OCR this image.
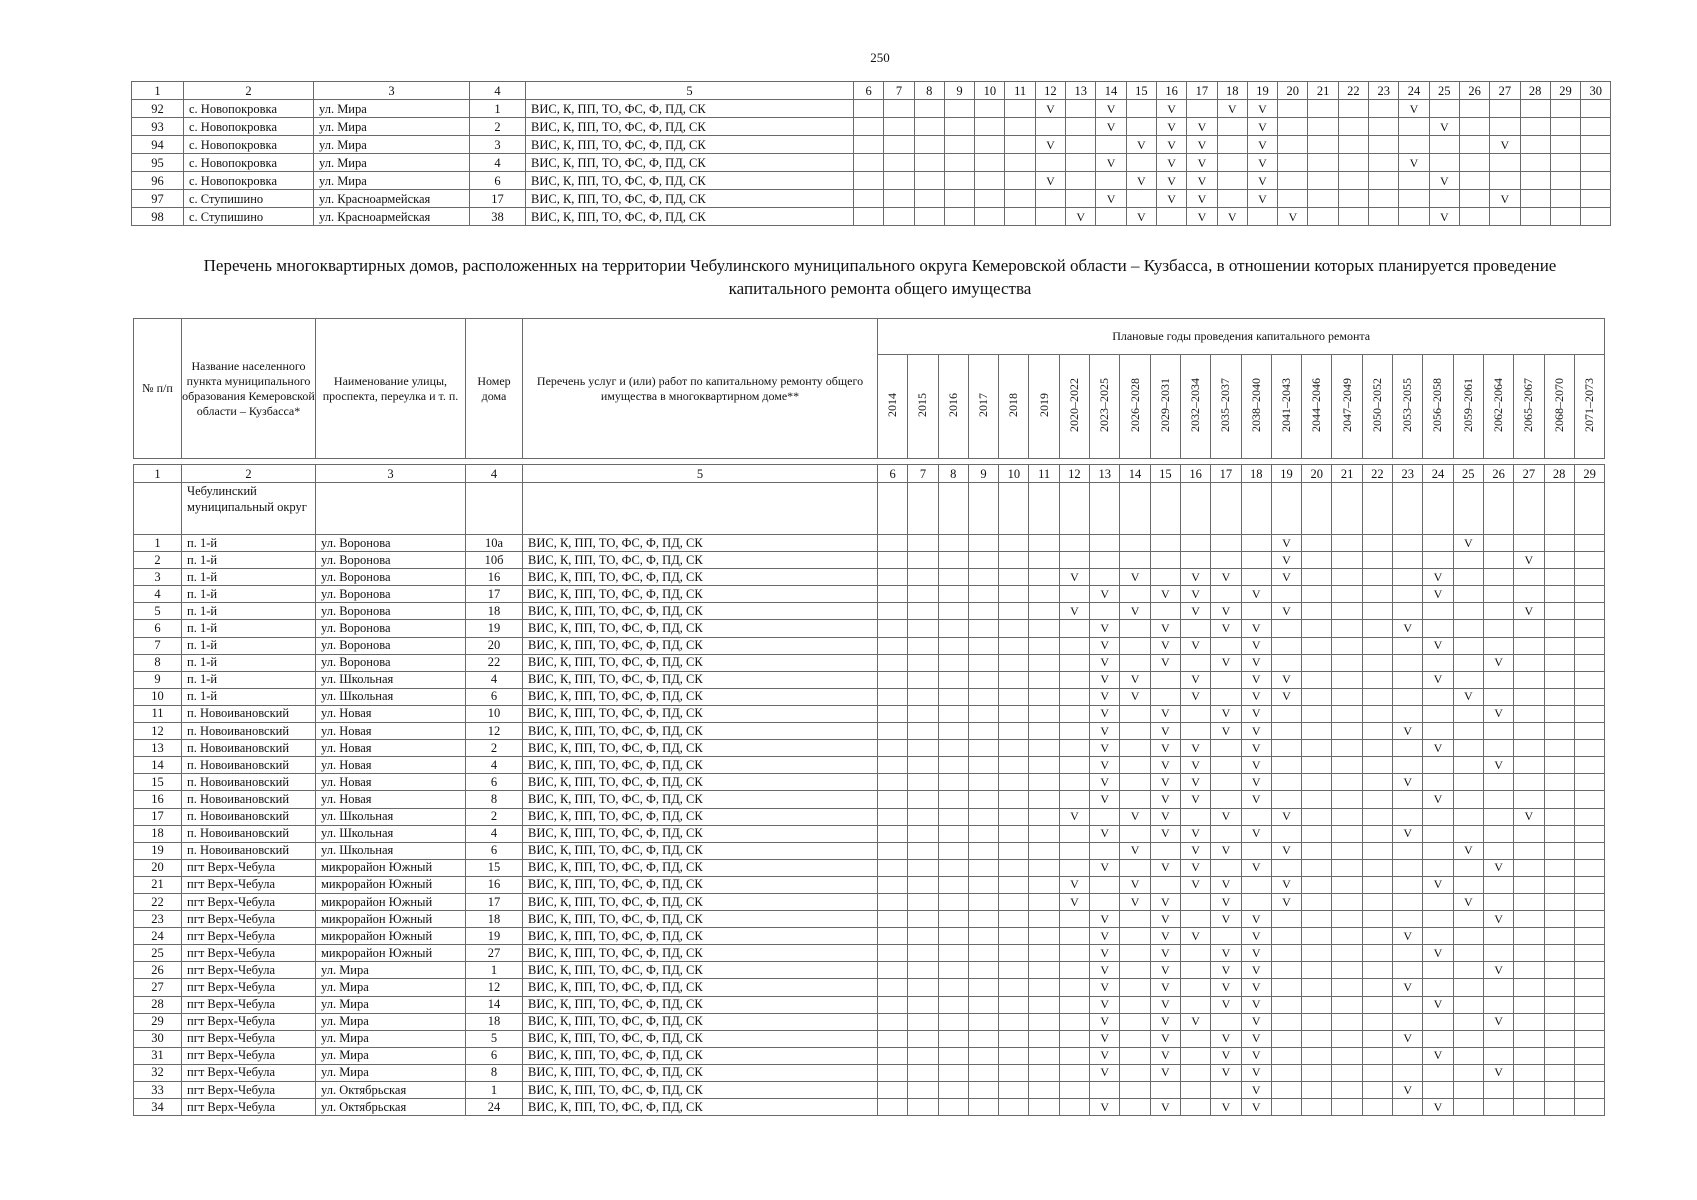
250
1	2	3	4	5	6	7	8	9	10	11	12	13	14	15	16	17	18	19	20	21	22	23	24	25	26	27	28	29	30
92	с. Новопокровка	ул. Мира	1	ВИС, К, ПП, ТО, ФС, Ф, ПД, СК							V		V		V		V	V					V						
93	с. Новопокровка	ул. Мира	2	ВИС, К, ПП, ТО, ФС, Ф, ПД, СК									V		V	V		V						V					
94	с. Новопокровка	ул. Мира	3	ВИС, К, ПП, ТО, ФС, Ф, ПД, СК							V			V	V	V		V								V			
95	с. Новопокровка	ул. Мира	4	ВИС, К, ПП, ТО, ФС, Ф, ПД, СК									V		V	V		V					V						
96	с. Новопокровка	ул. Мира	6	ВИС, К, ПП, ТО, ФС, Ф, ПД, СК							V			V	V	V		V						V					
97	с. Ступишино	ул. Красноармейская	17	ВИС, К, ПП, ТО, ФС, Ф, ПД, СК									V		V	V		V								V			
98	с. Ступишино	ул. Красноармейская	38	ВИС, К, ПП, ТО, ФС, Ф, ПД, СК								V		V		V	V		V					V					
Перечень многоквартирных домов, расположенных на территории Чебулинского муниципального округа Кемеровской области – Кузбасса, в отношении которых планируется проведение капитального ремонта общего имущества
№ п/п	Название населенного пункта муниципального образования Кемеровской области – Кузбасса*	Наименование улицы, проспекта, переулка и т. п.	Номер дома	Перечень услуг и (или) работ по капитальному ремонту общего имущества в многоквартирном доме**	Плановые годы проведения капитального ремонта																							
					2014	2015	2016	2017	2018	2019	2020–2022	2023–2025	2026–2028	2029–2031	2032–2034	2035–2037	2038–2040	2041–2043	2044–2046	2047–2049	2050–2052	2053–2055	2056–2058	2059–2061	2062–2064	2065–2067	2068–2070	2071–2073

1	2	3	4	5	6	7	8	9	10	11	12	13	14	15	16	17	18	19	20	21	22	23	24	25	26	27	28	29
	Чебулинский муниципальный округ																											
1	п. 1-й	ул. Воронова	10а	ВИС, К, ПП, ТО, ФС, Ф, ПД, СК														V						V				
2	п. 1-й	ул. Воронова	10б	ВИС, К, ПП, ТО, ФС, Ф, ПД, СК														V								V		
3	п. 1-й	ул. Воронова	16	ВИС, К, ПП, ТО, ФС, Ф, ПД, СК							V		V		V	V		V					V					
4	п. 1-й	ул. Воронова	17	ВИС, К, ПП, ТО, ФС, Ф, ПД, СК								V		V	V		V						V					
5	п. 1-й	ул. Воронова	18	ВИС, К, ПП, ТО, ФС, Ф, ПД, СК							V		V		V	V		V								V		
6	п. 1-й	ул. Воронова	19	ВИС, К, ПП, ТО, ФС, Ф, ПД, СК								V		V		V	V					V						
7	п. 1-й	ул. Воронова	20	ВИС, К, ПП, ТО, ФС, Ф, ПД, СК								V		V	V		V						V					
8	п. 1-й	ул. Воронова	22	ВИС, К, ПП, ТО, ФС, Ф, ПД, СК								V		V		V	V								V			
9	п. 1-й	ул. Школьная	4	ВИС, К, ПП, ТО, ФС, Ф, ПД, СК								V	V		V		V	V					V					
10	п. 1-й	ул. Школьная	6	ВИС, К, ПП, ТО, ФС, Ф, ПД, СК								V	V		V		V	V						V				
11	п. Новоивановский	ул. Новая	10	ВИС, К, ПП, ТО, ФС, Ф, ПД, СК								V		V		V	V								V			
12	п. Новоивановский	ул. Новая	12	ВИС, К, ПП, ТО, ФС, Ф, ПД, СК								V		V		V	V					V						
13	п. Новоивановский	ул. Новая	2	ВИС, К, ПП, ТО, ФС, Ф, ПД, СК								V		V	V		V						V					
14	п. Новоивановский	ул. Новая	4	ВИС, К, ПП, ТО, ФС, Ф, ПД, СК								V		V	V		V								V			
15	п. Новоивановский	ул. Новая	6	ВИС, К, ПП, ТО, ФС, Ф, ПД, СК								V		V	V		V					V						
16	п. Новоивановский	ул. Новая	8	ВИС, К, ПП, ТО, ФС, Ф, ПД, СК								V		V	V		V						V					
17	п. Новоивановский	ул. Школьная	2	ВИС, К, ПП, ТО, ФС, Ф, ПД, СК							V		V	V		V		V								V		
18	п. Новоивановский	ул. Школьная	4	ВИС, К, ПП, ТО, ФС, Ф, ПД, СК								V		V	V		V					V						
19	п. Новоивановский	ул. Школьная	6	ВИС, К, ПП, ТО, ФС, Ф, ПД, СК									V		V	V		V						V				
20	пгт Верх-Чебула	микрорайон Южный	15	ВИС, К, ПП, ТО, ФС, Ф, ПД, СК								V		V	V		V								V			
21	пгт Верх-Чебула	микрорайон Южный	16	ВИС, К, ПП, ТО, ФС, Ф, ПД, СК							V		V		V	V		V					V					
22	пгт Верх-Чебула	микрорайон Южный	17	ВИС, К, ПП, ТО, ФС, Ф, ПД, СК							V		V	V		V		V						V				
23	пгт Верх-Чебула	микрорайон Южный	18	ВИС, К, ПП, ТО, ФС, Ф, ПД, СК								V		V		V	V								V			
24	пгт Верх-Чебула	микрорайон Южный	19	ВИС, К, ПП, ТО, ФС, Ф, ПД, СК								V		V	V		V					V						
25	пгт Верх-Чебула	микрорайон Южный	27	ВИС, К, ПП, ТО, ФС, Ф, ПД, СК								V		V		V	V						V					
26	пгт Верх-Чебула	ул. Мира	1	ВИС, К, ПП, ТО, ФС, Ф, ПД, СК								V		V		V	V								V			
27	пгт Верх-Чебула	ул. Мира	12	ВИС, К, ПП, ТО, ФС, Ф, ПД, СК								V		V		V	V					V						
28	пгт Верх-Чебула	ул. Мира	14	ВИС, К, ПП, ТО, ФС, Ф, ПД, СК								V		V		V	V						V					
29	пгт Верх-Чебула	ул. Мира	18	ВИС, К, ПП, ТО, ФС, Ф, ПД, СК								V		V	V		V								V			
30	пгт Верх-Чебула	ул. Мира	5	ВИС, К, ПП, ТО, ФС, Ф, ПД, СК								V		V		V	V					V						
31	пгт Верх-Чебула	ул. Мира	6	ВИС, К, ПП, ТО, ФС, Ф, ПД, СК								V		V		V	V						V					
32	пгт Верх-Чебула	ул. Мира	8	ВИС, К, ПП, ТО, ФС, Ф, ПД, СК								V		V		V	V								V			
33	пгт Верх-Чебула	ул. Октябрьская	1	ВИС, К, ПП, ТО, ФС, Ф, ПД, СК													V					V						
34	пгт Верх-Чебула	ул. Октябрьская	24	ВИС, К, ПП, ТО, ФС, Ф, ПД, СК								V		V		V	V						V					
